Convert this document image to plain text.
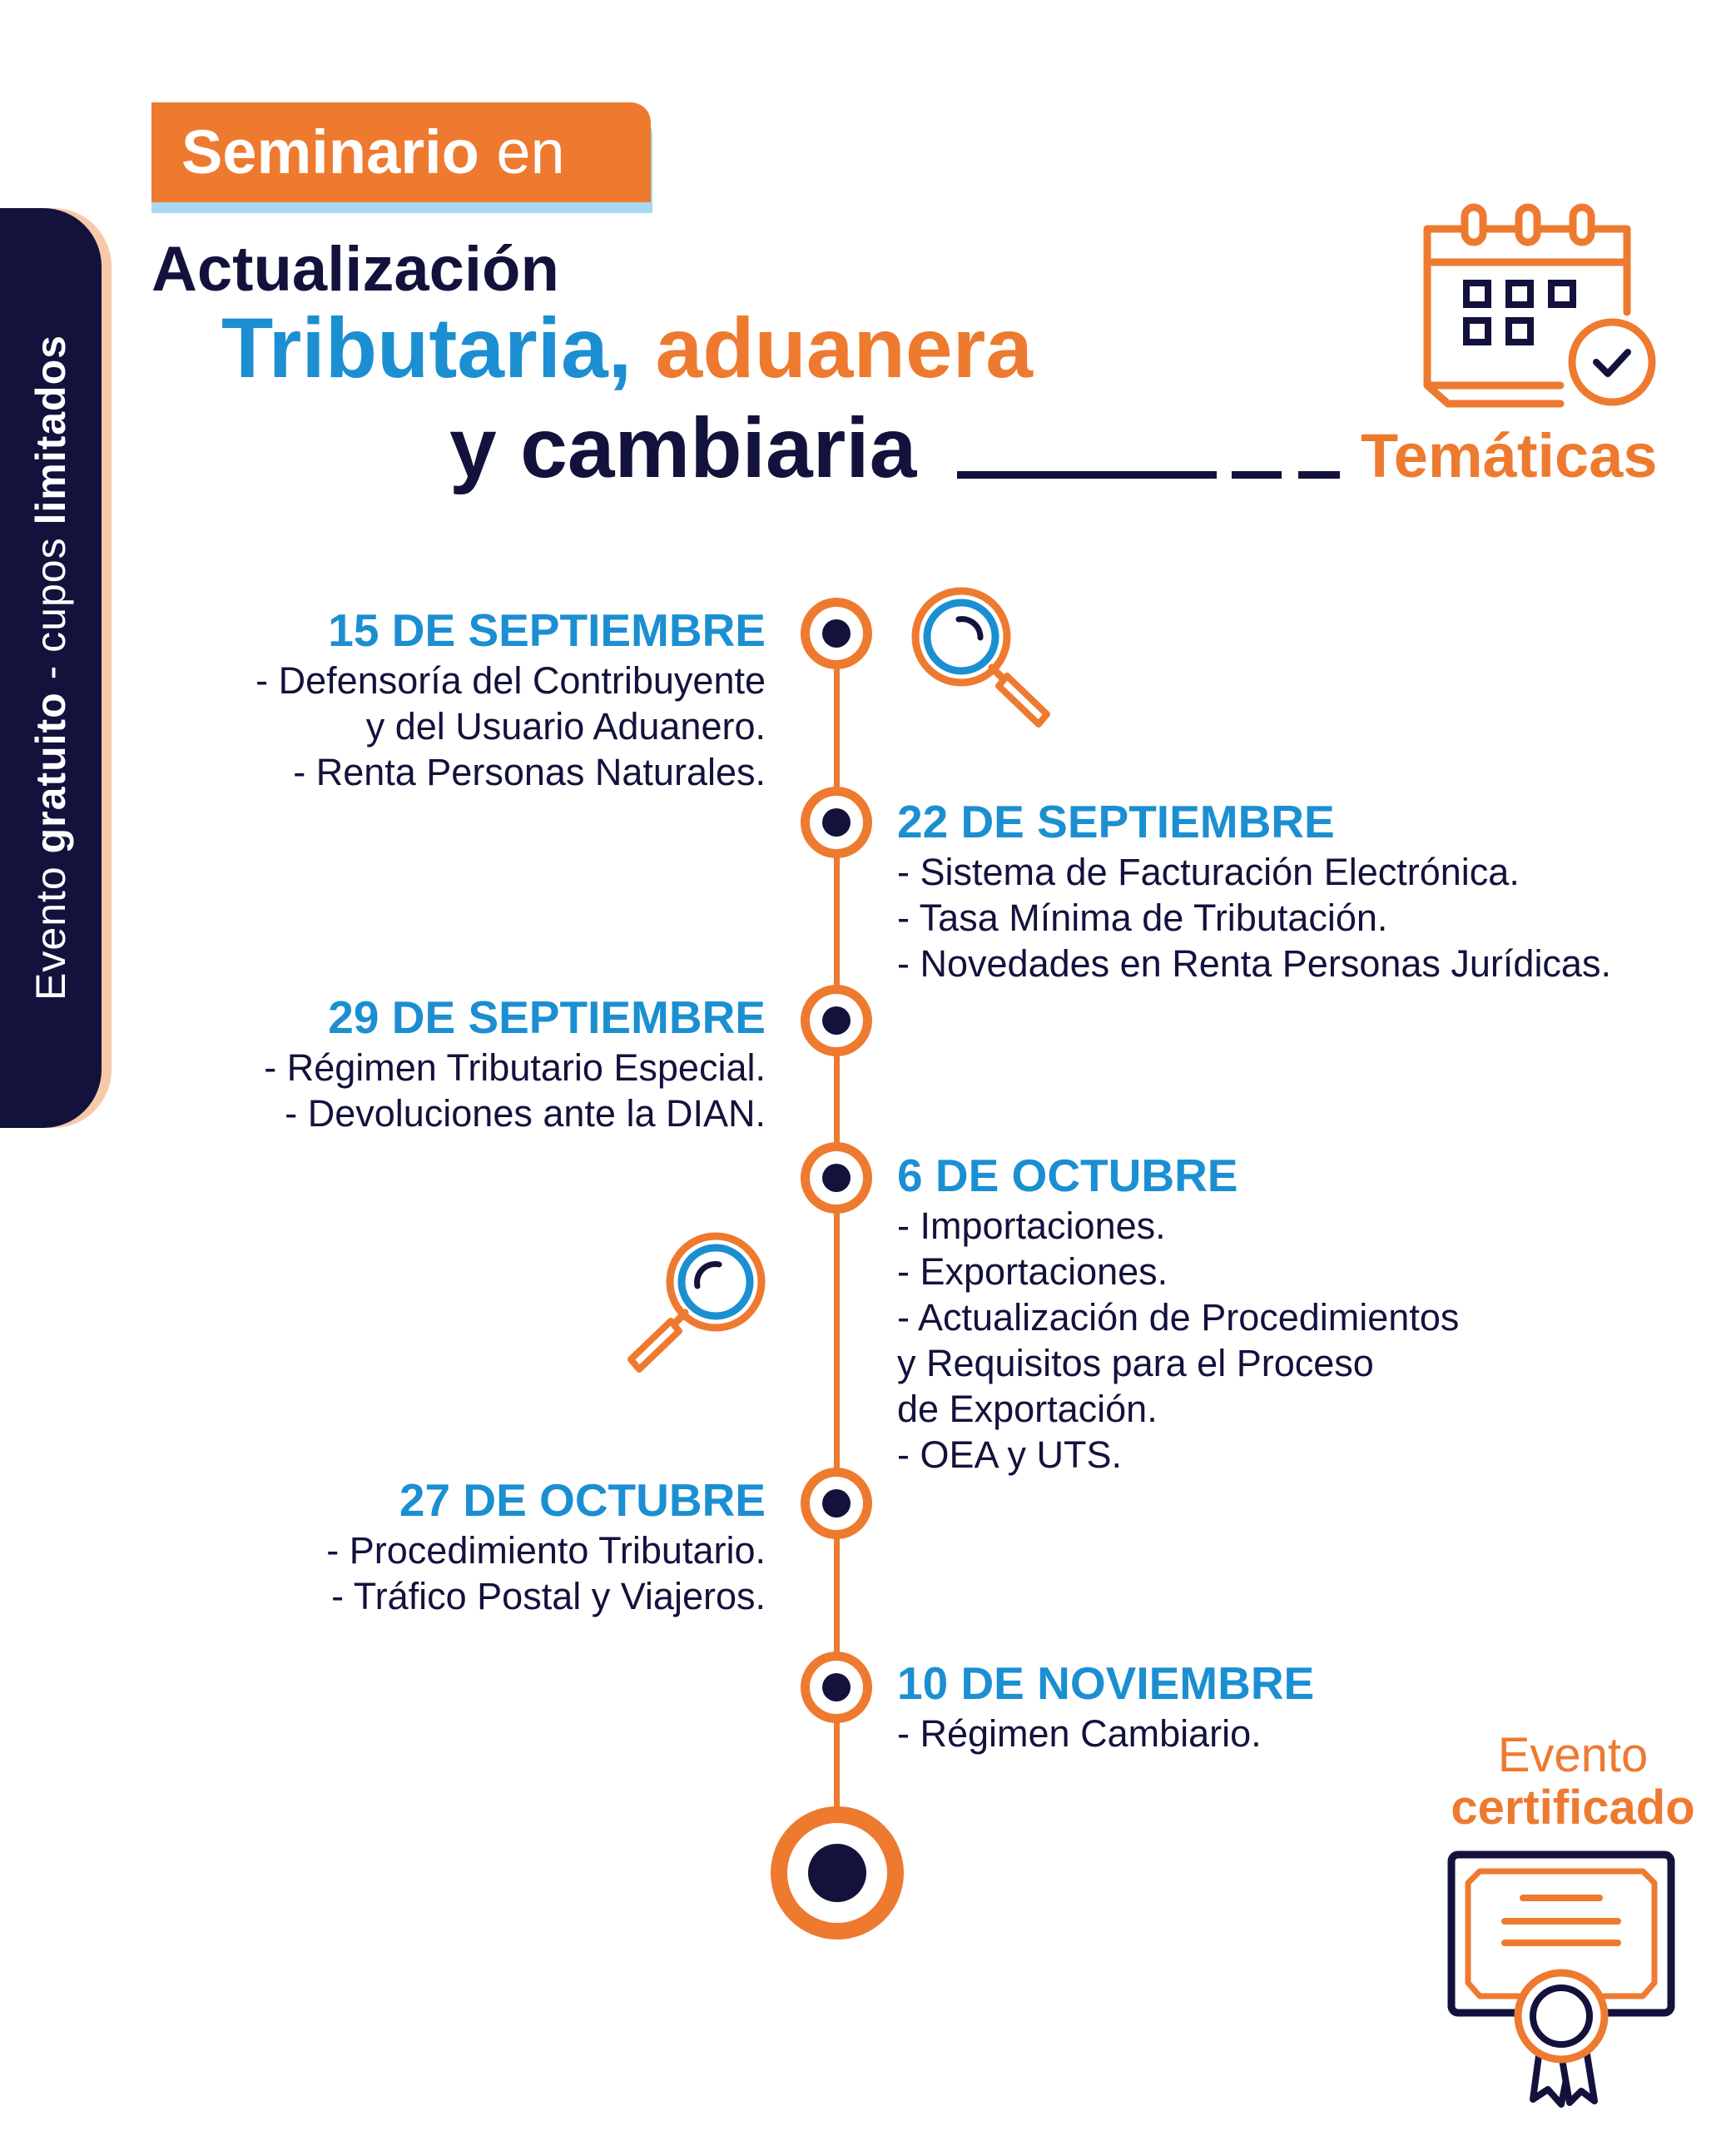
Evento gratuito - cupos limitados
Seminario en
Actualización
Tributaria, aduanera
y cambiaria	Temáticas
15 DE SEPTIEMBRE
- Defensoría del Contribuyente
y del Usuario Aduanero.
- Renta Personas Naturales.
22 DE SEPTIEMBRE
- Sistema de Facturación Electrónica.
- Tasa Mínima de Tributación.
- Novedades en Renta Personas Jurídicas.
29 DE SEPTIEMBRE
- Régimen Tributario Especial.
- Devoluciones ante la DIAN.
6 DE OCTUBRE
- Importaciones.
- Exportaciones.
- Actualización de Procedimientos
y Requisitos para el Proceso
de Exportación.
- OEA y UTS.
27 DE OCTUBRE
- Procedimiento Tributario.
- Tráfico Postal y Viajeros.
10 DE NOVIEMBRE
- Régimen Cambiario.	Evento
certificado
